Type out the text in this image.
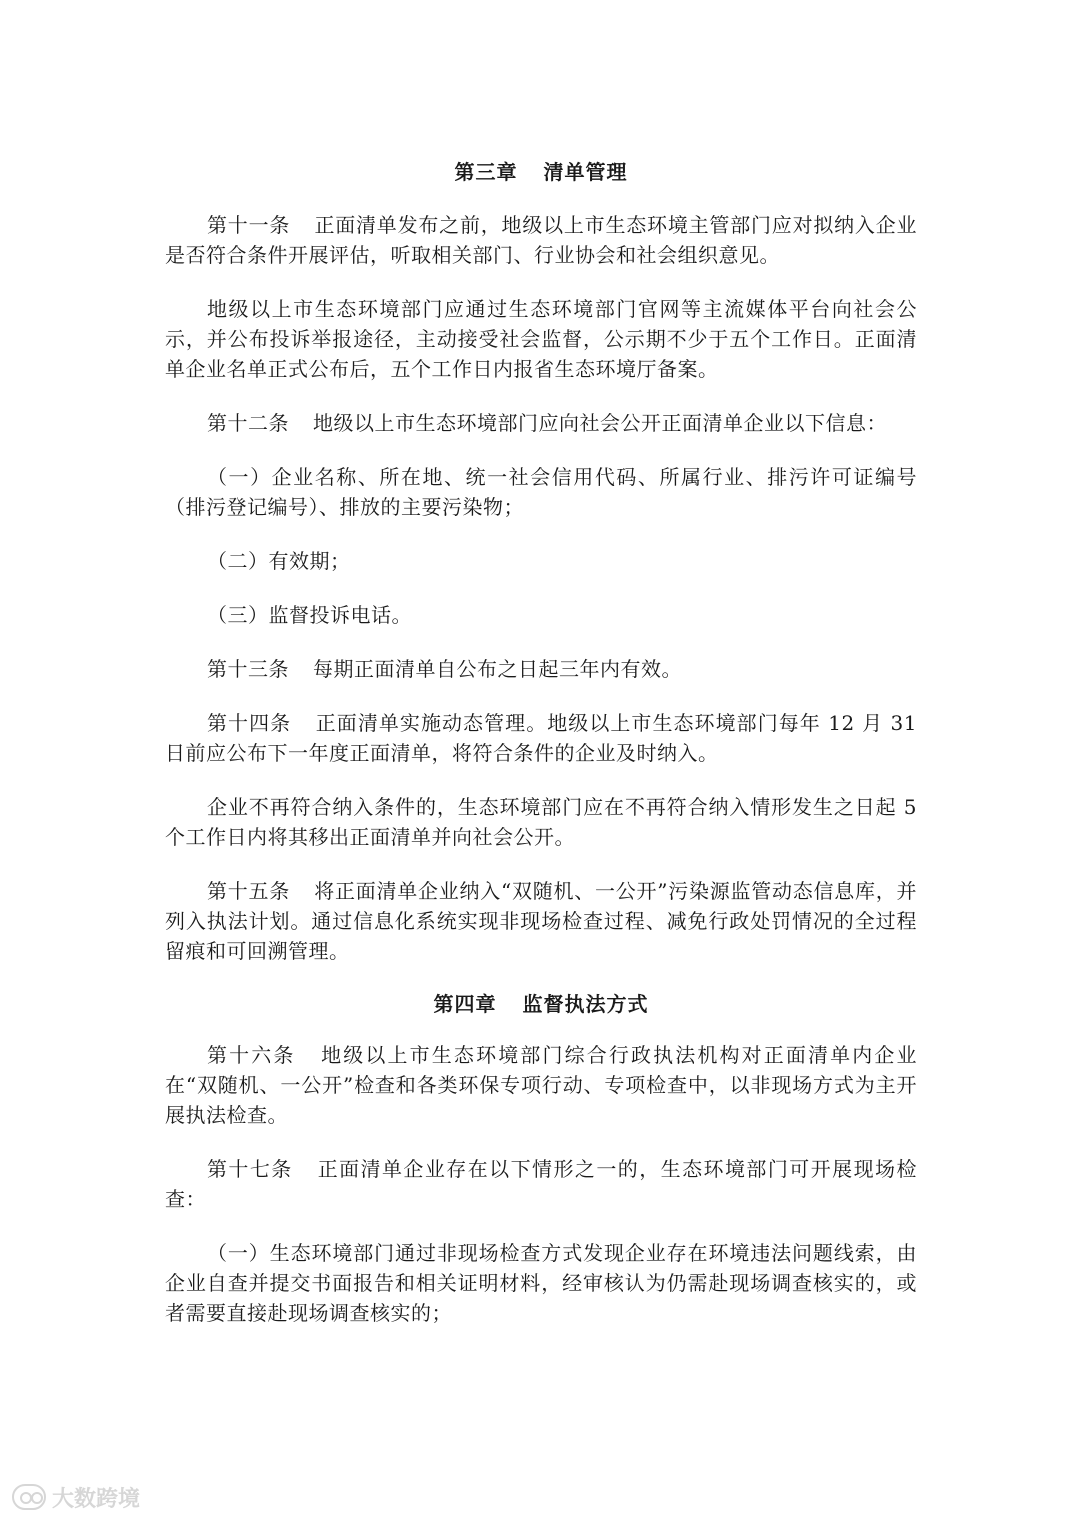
第三章 清单管理

第十一条 正面清单发布之前，地级以上市生态环境主管部门应对拟纳入企业是否符合条件开展评估，听取相关部门、行业协会和社会组织意见。

地级以上市生态环境部门应通过生态环境部门官网等主流媒体平台向社会公示，并公布投诉举报途径，主动接受社会监督，公示期不少于五个工作日。正面清单企业名单正式公布后，五个工作日内报省生态环境厅备案。

第十二条 地级以上市生态环境部门应向社会公开正面清单企业以下信息：

（一）企业名称、所在地、统一社会信用代码、所属行业、排污许可证编号（排污登记编号）、排放的主要污染物；

（二）有效期；

（三）监督投诉电话。

第十三条 每期正面清单自公布之日起三年内有效。

第十四条 正面清单实施动态管理。地级以上市生态环境部门每年 12 月 31 日前应公布下一年度正面清单，将符合条件的企业及时纳入。

企业不再符合纳入条件的，生态环境部门应在不再符合纳入情形发生之日起 5 个工作日内将其移出正面清单并向社会公开。

第十五条 将正面清单企业纳入“双随机、一公开”污染源监管动态信息库，并列入执法计划。通过信息化系统实现非现场检查过程、减免行政处罚情况的全过程留痕和可回溯管理。

第四章 监督执法方式

第十六条 地级以上市生态环境部门综合行政执法机构对正面清单内企业在“双随机、一公开”检查和各类环保专项行动、专项检查中，以非现场方式为主开展执法检查。

第十七条 正面清单企业存在以下情形之一的，生态环境部门可开展现场检查：

（一）生态环境部门通过非现场检查方式发现企业存在环境违法问题线索，由企业自查并提交书面报告和相关证明材料，经审核认为仍需赴现场调查核实的，或者需要直接赴现场调查核实的；

大数跨境
